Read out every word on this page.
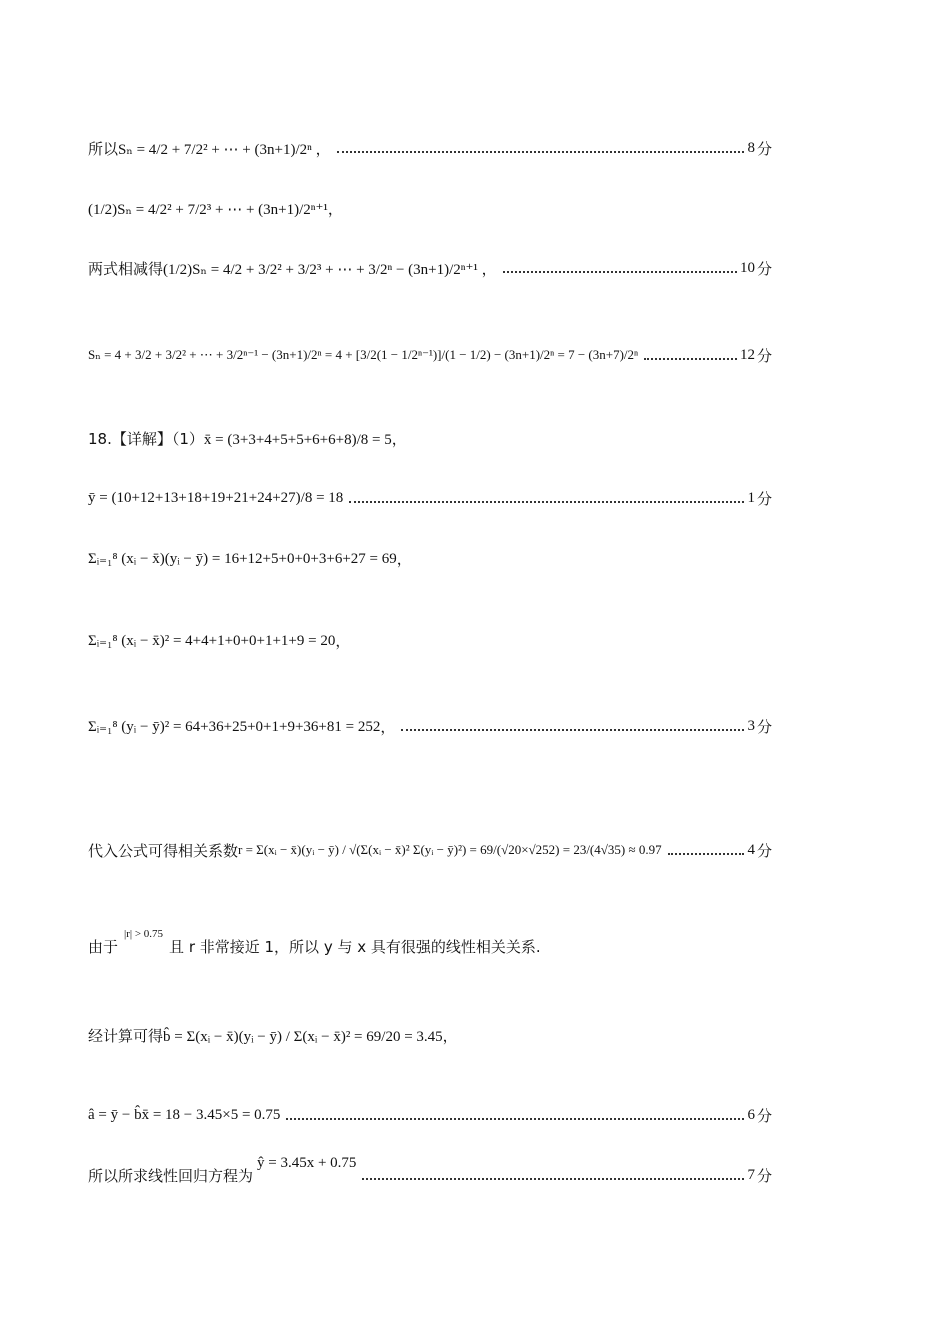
所以 Sₙ = 4/2 + 7/2² + ⋯ + (3n+1)/2ⁿ ，	8 分
(1/2)Sₙ = 4/2² + 7/2³ + ⋯ + (3n+1)/2ⁿ⁺¹，
两式相减得 (1/2)Sₙ = 4/2 + 3/2² + 3/2³ + ⋯ + 3/2ⁿ − (3n+1)/2ⁿ⁺¹ ，	10 分
Sₙ = 4 + 3/2 + 3/2² + ⋯ + 3/2ⁿ⁻¹ − (3n+1)/2ⁿ = 4 + [3/2(1 − 1/2ⁿ⁻¹)]/(1 − 1/2) − (3n+1)/2ⁿ = 7 − (3n+7)/2ⁿ	12 分
18.【详解】（1） x̄ = (3+3+4+5+5+6+6+8)/8 = 5，
ȳ = (10+12+13+18+19+21+24+27)/8 = 18	1 分
Σᵢ₌₁⁸ (xᵢ − x̄)(yᵢ − ȳ) = 16+12+5+0+0+3+6+27 = 69 ，
Σᵢ₌₁⁸ (xᵢ − x̄)² = 4+4+1+0+0+1+1+9 = 20 ，
Σᵢ₌₁⁸ (yᵢ − ȳ)² = 64+36+25+0+1+9+36+81 = 252 ，	3 分
代入公式可得相关系数 r = Σ(xᵢ − x̄)(yᵢ − ȳ) / √(Σ(xᵢ − x̄)² Σ(yᵢ − ȳ)²) = 69/(√20×√252) = 23/(4√35) ≈ 0.97	4 分
由于
|r| > 0.75
且 r 非常接近 1，所以 y 与 x 具有很强的线性相关关系.
经计算可得 b̂ = Σ(xᵢ − x̄)(yᵢ − ȳ) / Σ(xᵢ − x̄)² = 69/20 = 3.45，
â = ȳ − b̂x̄ = 18 − 3.45×5 = 0.75	6 分
所以所求线性回归方程为
ŷ = 3.45x + 0.75
7 分
